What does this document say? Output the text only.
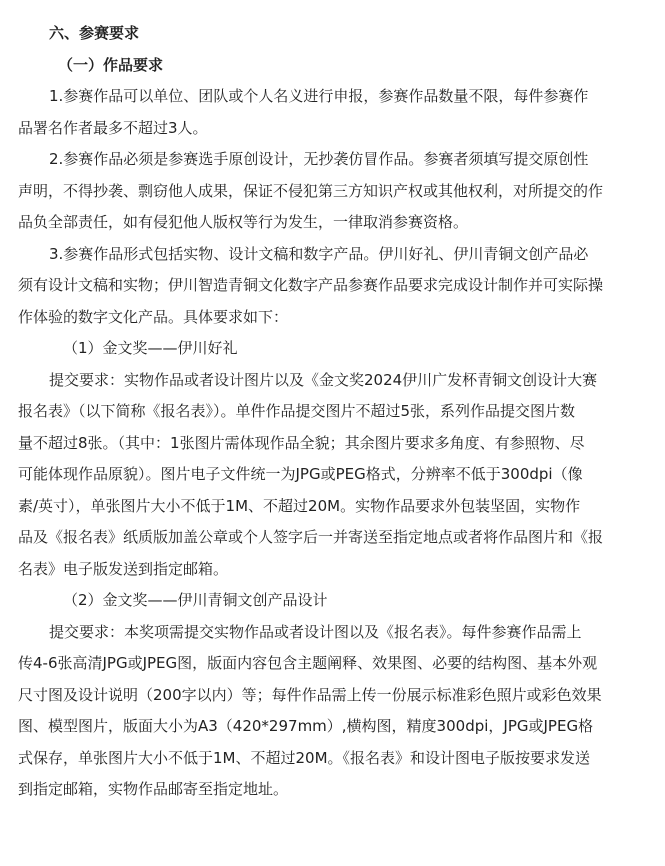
六、参赛要求
（一）作品要求
1.参赛作品可以单位、团队或个人名义进行申报，参赛作品数量不限，每件参赛作
品署名作者最多不超过3人。
2.参赛作品必须是参赛选手原创设计，无抄袭仿冒作品。参赛者须填写提交原创性
声明，不得抄袭、剽窃他人成果，保证不侵犯第三方知识产权或其他权利，对所提交的作
品负全部责任，如有侵犯他人版权等行为发生，一律取消参赛资格。
3.参赛作品形式包括实物、设计文稿和数字产品。伊川好礼、伊川青铜文创产品必
须有设计文稿和实物；伊川智造青铜文化数字产品参赛作品要求完成设计制作并可实际操
作体验的数字文化产品。具体要求如下：
（1）金文奖——伊川好礼
提交要求：实物作品或者设计图片以及《金文奖2024伊川广发杯青铜文创设计大赛
报名表》（以下简称《报名表》）。单件作品提交图片不超过5张，系列作品提交图片数
量不超过8张。（其中：1张图片需体现作品全貌；其余图片要求多角度、有参照物、尽
可能体现作品原貌）。图片电子文件统一为JPG或PEG格式，分辨率不低于300dpi（像
素/英寸），单张图片大小不低于1M、不超过20M。实物作品要求外包装坚固，实物作
品及《报名表》纸质版加盖公章或个人签字后一并寄送至指定地点或者将作品图片和《报
名表》电子版发送到指定邮箱。
（2）金文奖——伊川青铜文创产品设计
提交要求：本奖项需提交实物作品或者设计图以及《报名表》。每件参赛作品需上
传4-6张高清JPG或JPEG图，版面内容包含主题阐释、效果图、必要的结构图、基本外观
尺寸图及设计说明（200字以内）等；每件作品需上传一份展示标准彩色照片或彩色效果
图、模型图片，版面大小为A3（420*297mm）,横构图，精度300dpi，JPG或JPEG格
式保存，单张图片大小不低于1M、不超过20M。《报名表》和设计图电子版按要求发送
到指定邮箱，实物作品邮寄至指定地址。
